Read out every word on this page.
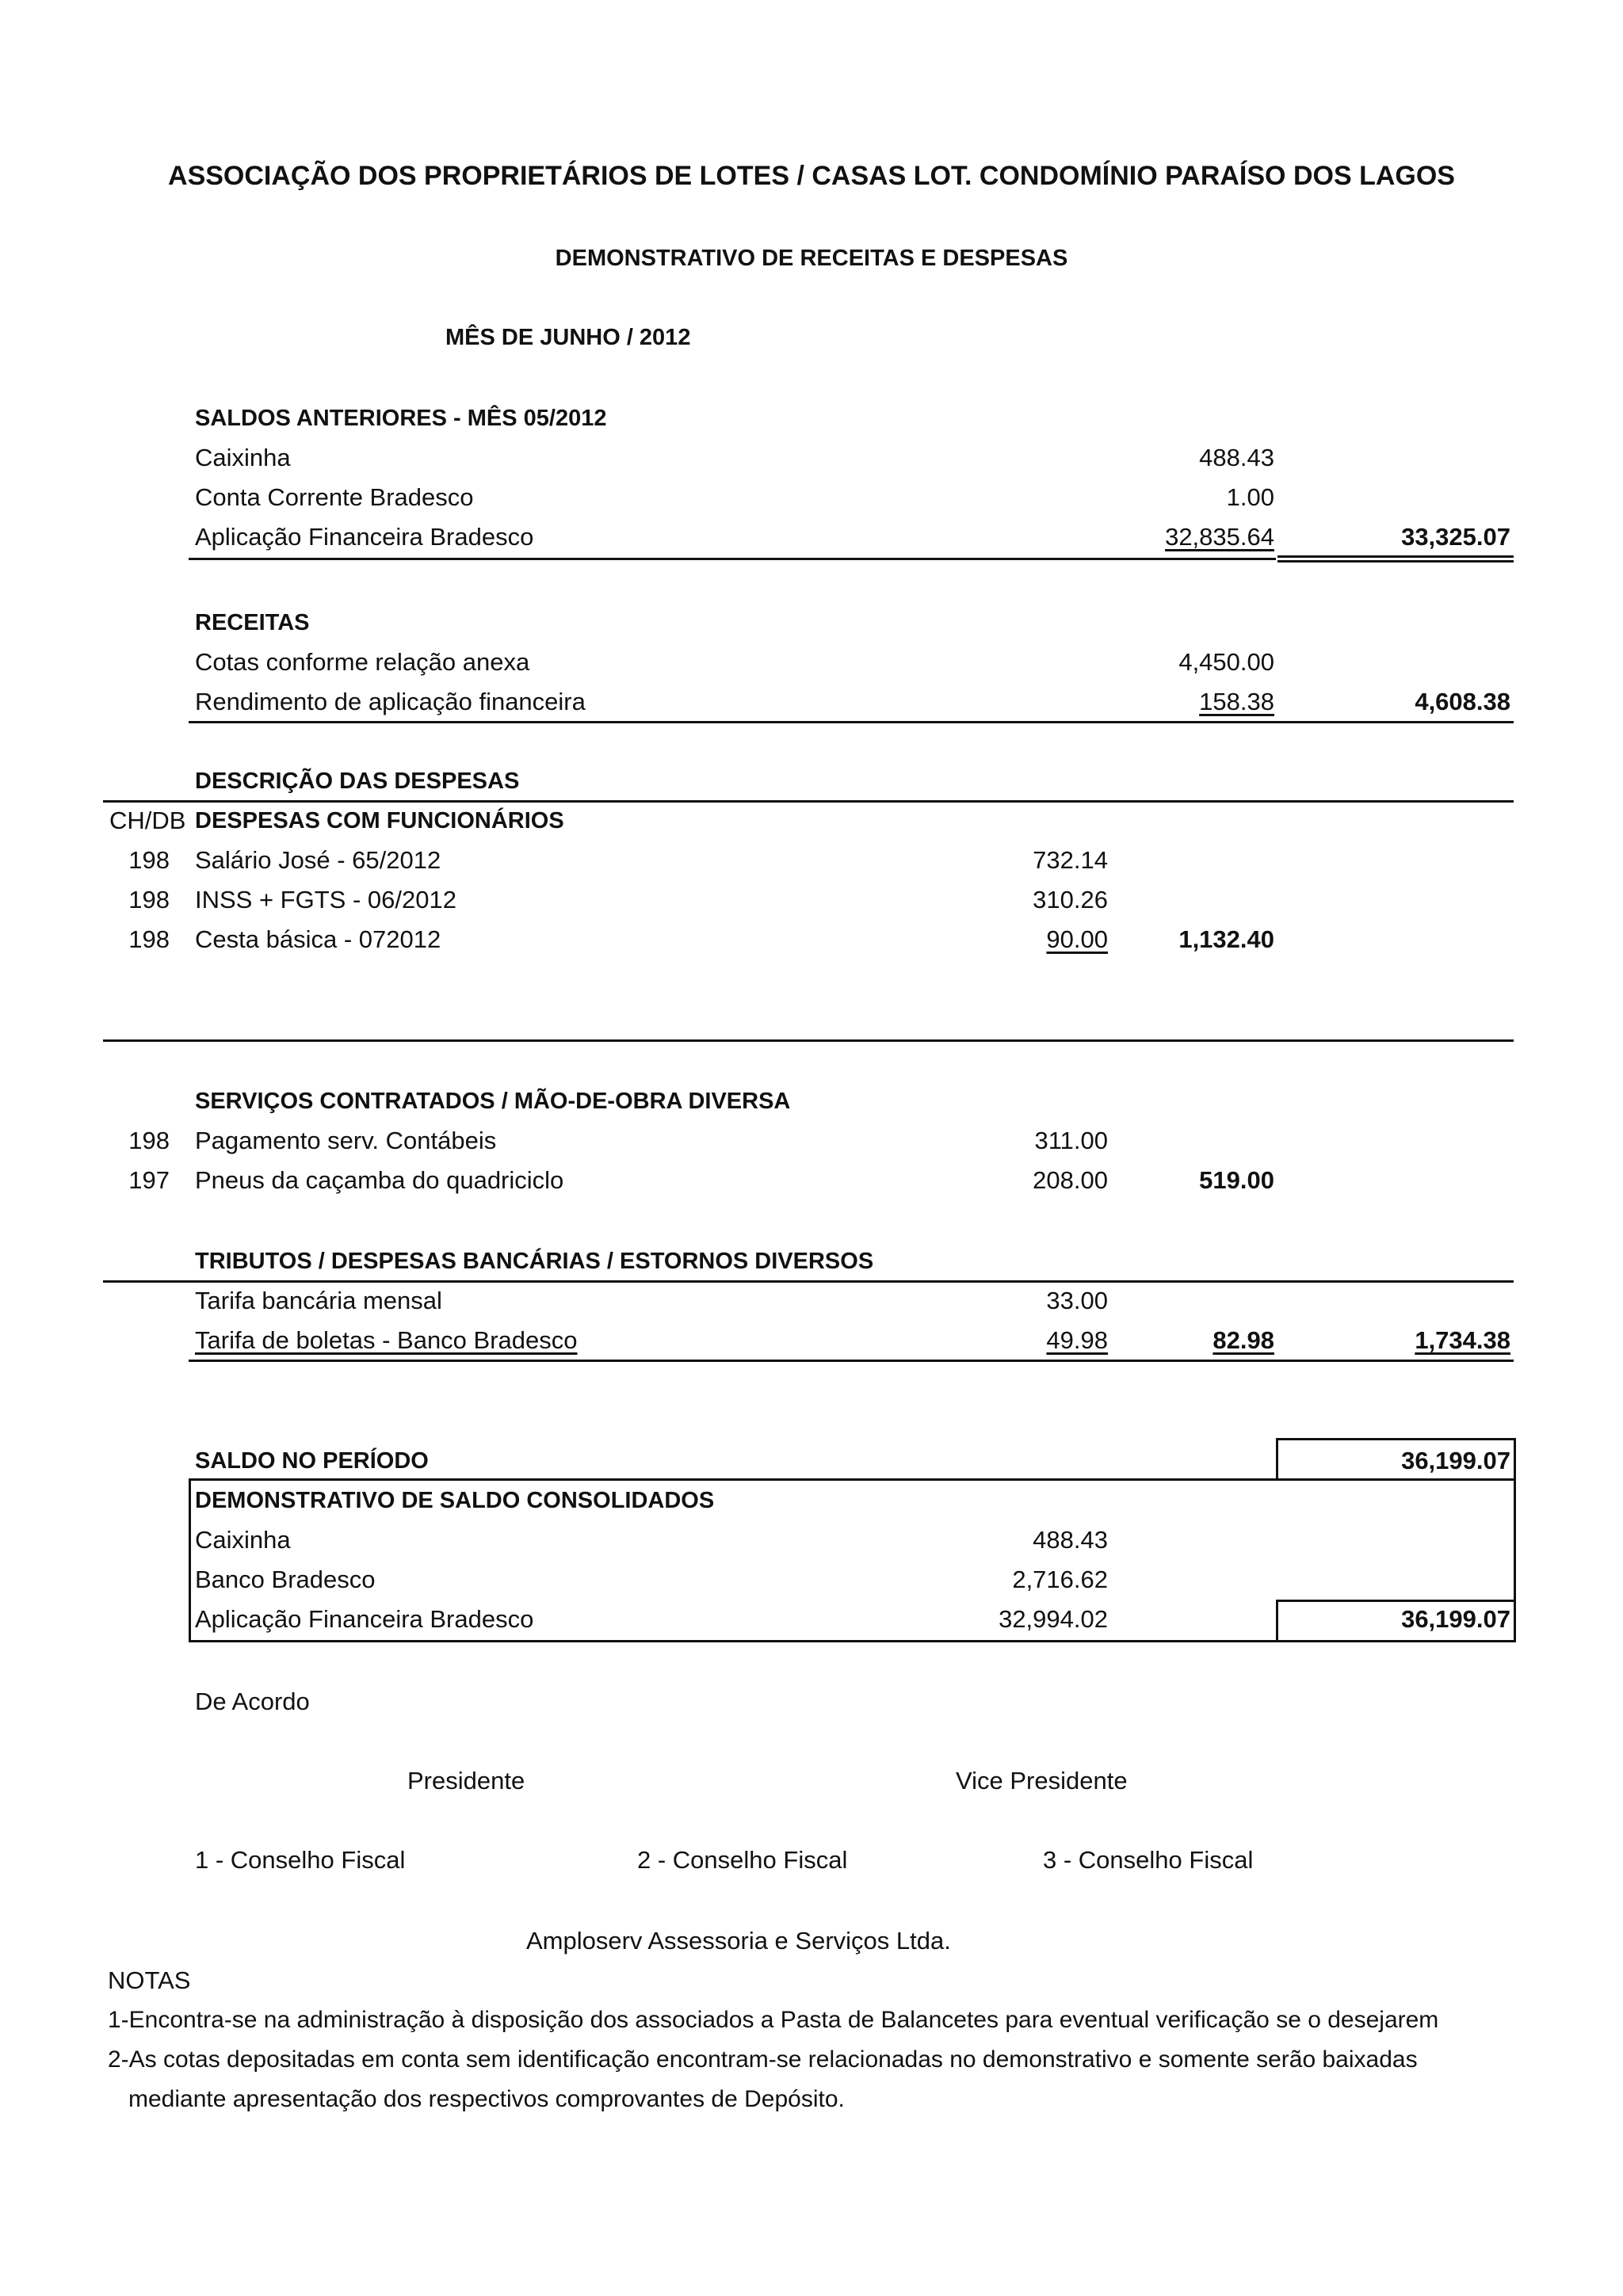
ASSOCIAÇÃO DOS PROPRIETÁRIOS DE LOTES / CASAS LOT. CONDOMÍNIO PARAÍSO DOS LAGOS
DEMONSTRATIVO DE RECEITAS E DESPESAS
MÊS DE JUNHO / 2012
SALDOS ANTERIORES - MÊS 05/2012
Caixinha	488.43
Conta Corrente Bradesco	1.00
Aplicação Financeira Bradesco	32,835.64	33,325.07
RECEITAS
Cotas conforme relação anexa	4,450.00
Rendimento de aplicação financeira	158.38	4,608.38
DESCRIÇÃO DAS DESPESAS
CH/DB DESPESAS COM FUNCIONÁRIOS
198 Salário José - 65/2012	732.14
198 INSS + FGTS - 06/2012	310.26
198 Cesta básica - 072012	90.00	1,132.40
SERVIÇOS CONTRATADOS / MÃO-DE-OBRA DIVERSA
198 Pagamento serv. Contábeis	311.00
197 Pneus da caçamba do quadriciclo	208.00	519.00
TRIBUTOS / DESPESAS BANCÁRIAS / ESTORNOS DIVERSOS
Tarifa bancária mensal	33.00
Tarifa de boletas - Banco Bradesco	49.98	82.98	1,734.38
SALDO NO PERÍODO	36,199.07
DEMONSTRATIVO DE SALDO CONSOLIDADOS
Caixinha	488.43
Banco Bradesco	2,716.62
Aplicação Financeira Bradesco	32,994.02	36,199.07
De Acordo
Presidente	Vice Presidente
1 - Conselho Fiscal	2 - Conselho Fiscal	3 - Conselho Fiscal
Amploserv Assessoria e Serviços Ltda.
NOTAS
1-Encontra-se na administração à disposição dos associados a Pasta de Balancetes para eventual verificação se o desejarem
2-As cotas depositadas em conta sem identificação encontram-se relacionadas no demonstrativo e somente serão baixadas
mediante apresentação dos respectivos comprovantes de Depósito.
